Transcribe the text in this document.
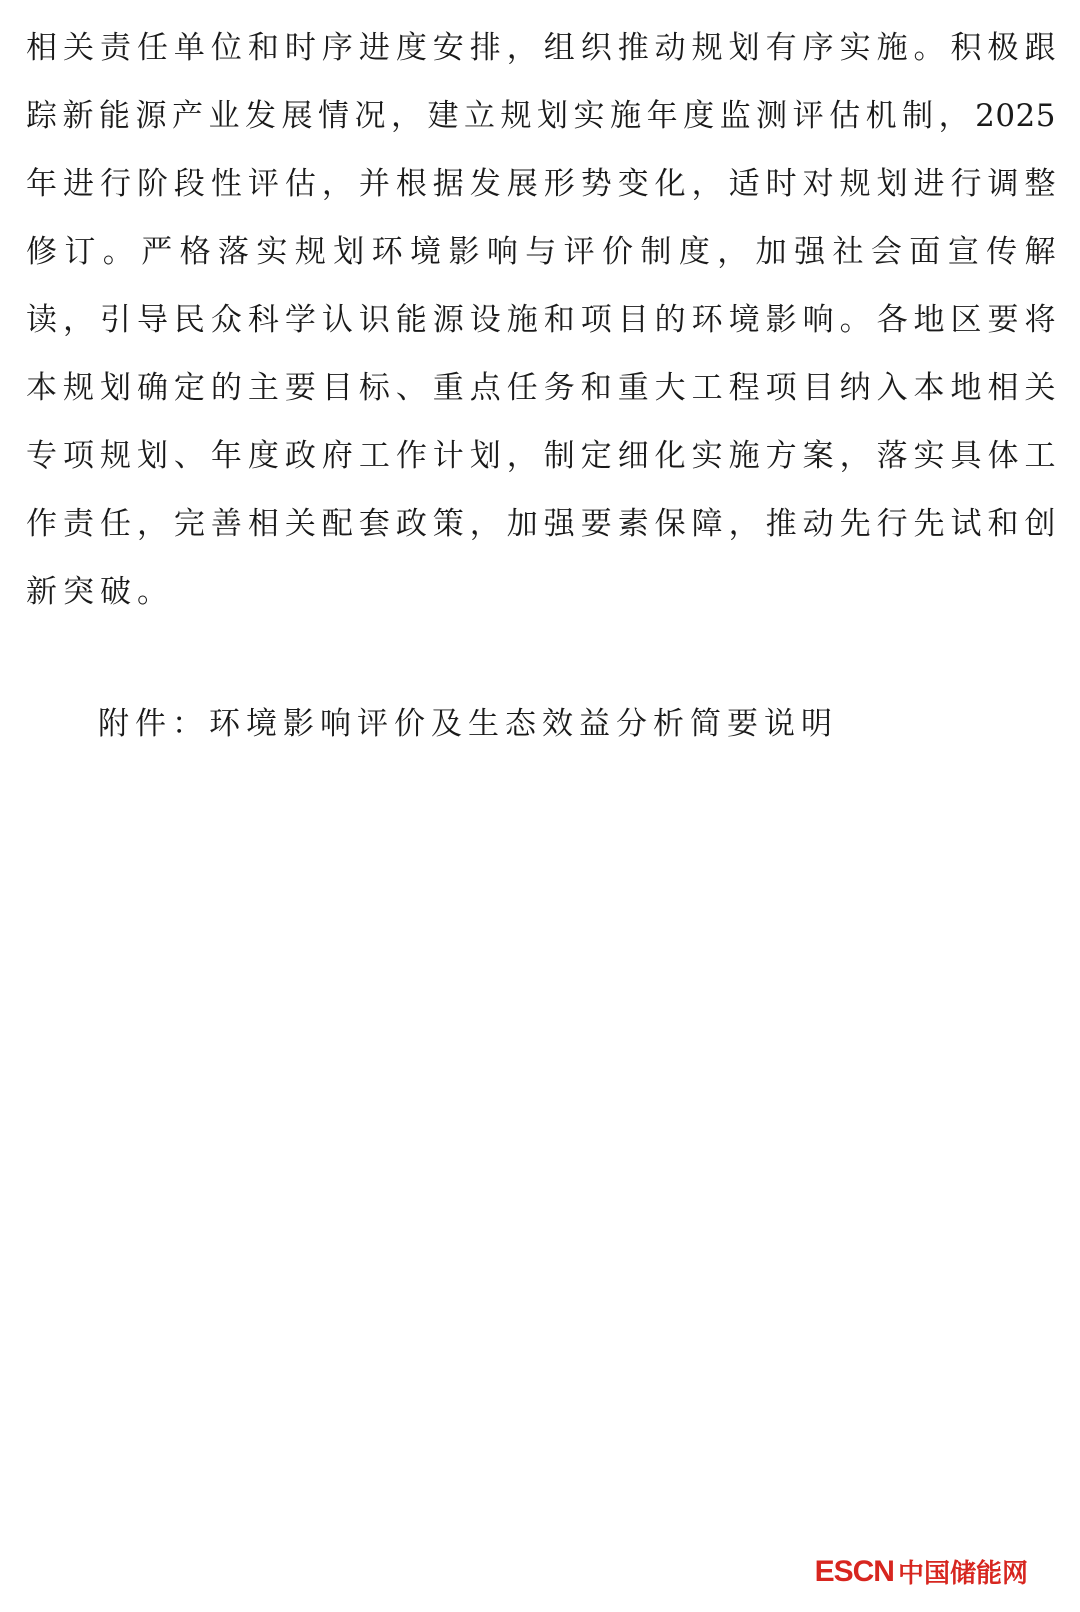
相关责任单位和时序进度安排，组织推动规划有序实施。积极跟
踪新能源产业发展情况，建立规划实施年度监测评估机制，2025
年进行阶段性评估，并根据发展形势变化，适时对规划进行调整
修订。严格落实规划环境影响与评价制度，加强社会面宣传解
读，引导民众科学认识能源设施和项目的环境影响。各地区要将
本规划确定的主要目标、重点任务和重大工程项目纳入本地相关
专项规划、年度政府工作计划，制定细化实施方案，落实具体工
作责任，完善相关配套政策，加强要素保障，推动先行先试和创
新突破。
附件：环境影响评价及生态效益分析简要说明
ESCN 中国储能网
